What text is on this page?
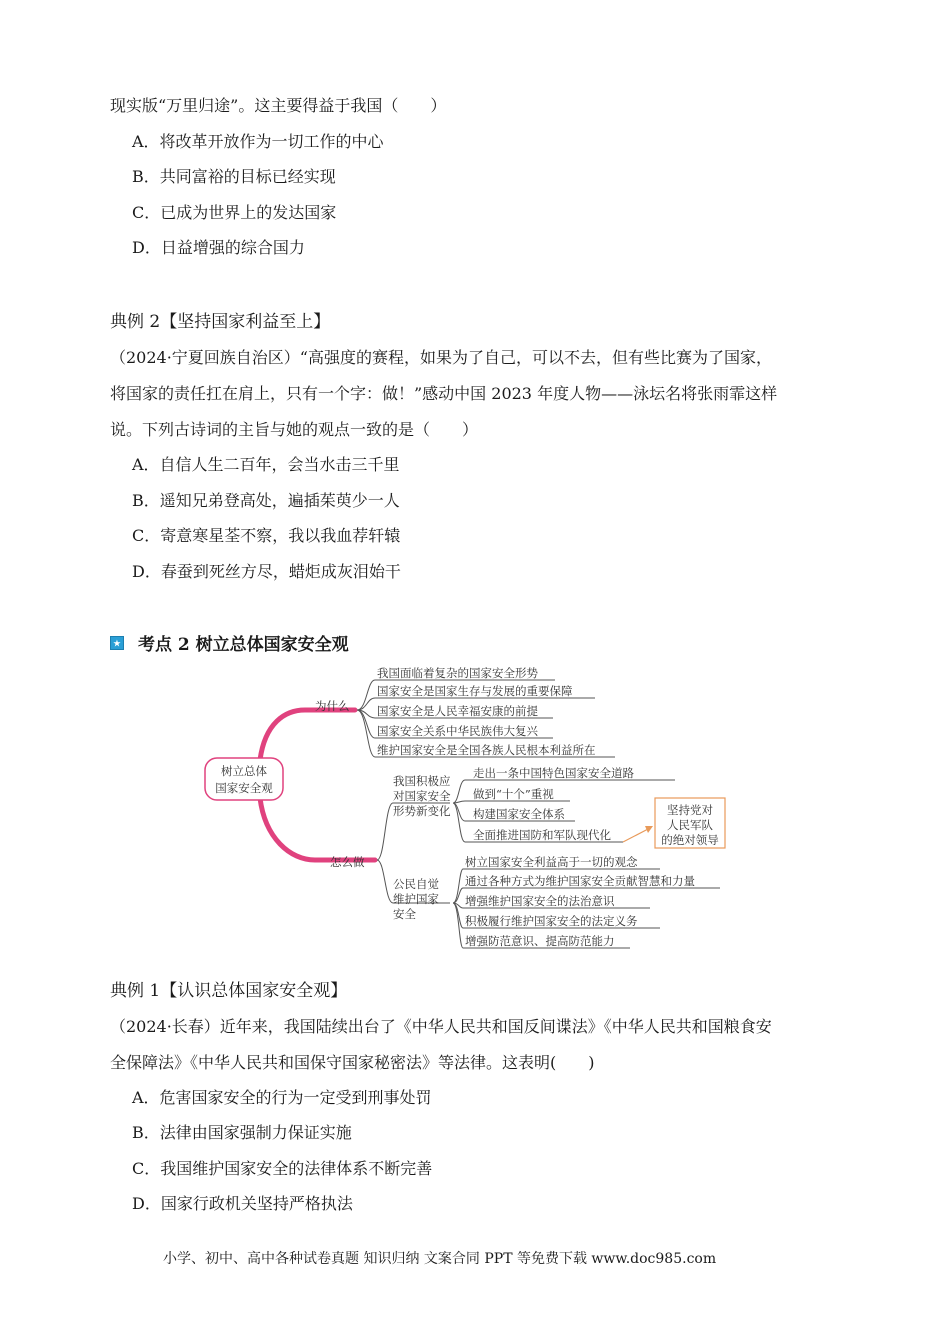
现实版“万里归途”。这主要得益于我国（　　）
A．将改革开放作为一切工作的中心
B．共同富裕的目标已经实现
C．已成为世界上的发达国家
D．日益增强的综合国力
典例 2【坚持国家利益至上】
（2024·宁夏回族自治区）“高强度的赛程，如果为了自己，可以不去，但有些比赛为了国家，
将国家的责任扛在肩上，只有一个字：做！”感动中国 2023 年度人物——泳坛名将张雨霏这样
说。下列古诗词的主旨与她的观点一致的是（　　）
A．自信人生二百年，会当水击三千里
B．遥知兄弟登高处，遍插茱萸少一人
C．寄意寒星荃不察，我以我血荐轩辕
D．春蚕到死丝方尽，蜡炬成灰泪始干
★ 考点 2 树立总体国家安全观
树立总体
国家安全观
为什么
我国面临着复杂的国家安全形势
国家安全是国家生存与发展的重要保障
国家安全是人民幸福安康的前提
国家安全关系中华民族伟大复兴
维护国家安全是全国各族人民根本利益所在
怎么做
我国积极应
对国家安全
形势新变化
走出一条中国特色国家安全道路
做到“十个”重视
构建国家安全体系
全面推进国防和军队现代化
坚持党对
人民军队
的绝对领导
公民自觉
维护国家
安全
树立国家安全利益高于一切的观念
通过各种方式为维护国家安全贡献智慧和力量
增强维护国家安全的法治意识
积极履行维护国家安全的法定义务
增强防范意识、提高防范能力
典例 1【认识总体国家安全观】
（2024·长春）近年来，我国陆续出台了《中华人民共和国反间谍法》《中华人民共和国粮食安
全保障法》《中华人民共和国保守国家秘密法》等法律。这表明(　　)
A．危害国家安全的行为一定受到刑事处罚
B．法律由国家强制力保证实施
C．我国维护国家安全的法律体系不断完善
D．国家行政机关坚持严格执法
小学、初中、高中各种试卷真题 知识归纳 文案合同 PPT 等免费下载 www.doc985.com
